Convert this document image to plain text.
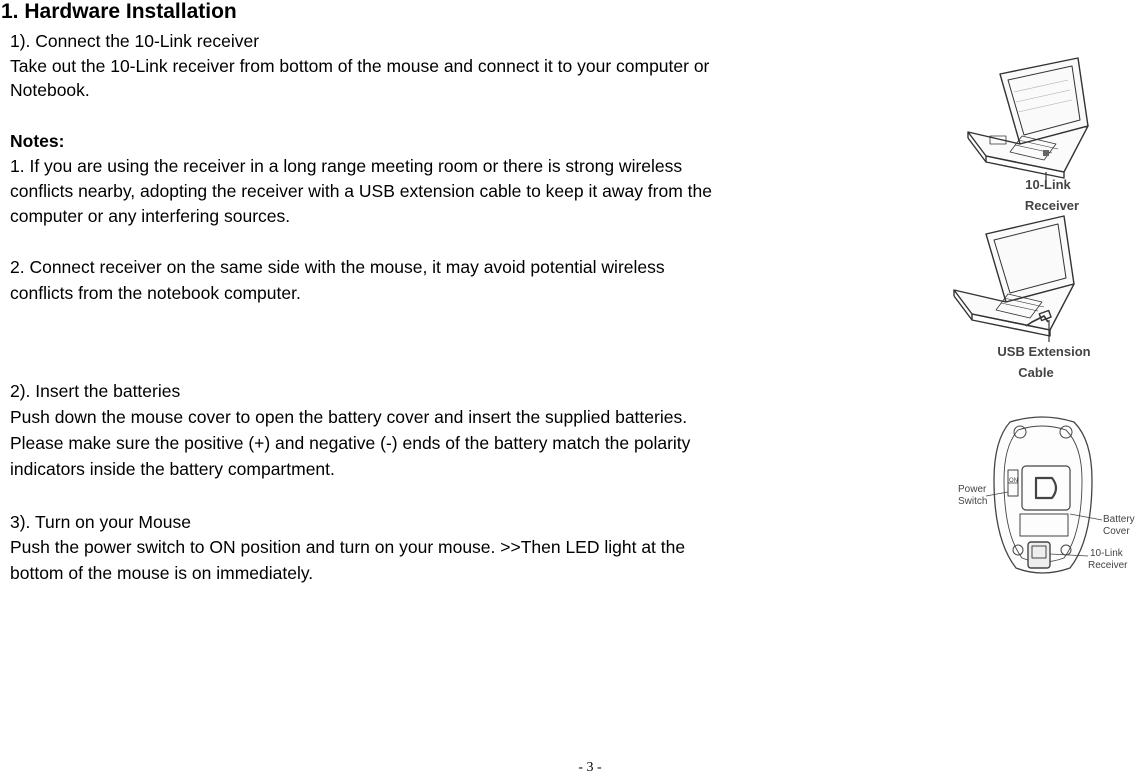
1. Hardware Installation
1). Connect the 10-Link receiver
Take out the 10-Link receiver from bottom of the mouse and connect it to your computer or
Notebook.
Notes:
1. If you are using the receiver in a long range meeting room or there is strong wireless
conflicts nearby, adopting the receiver with a USB extension cable to keep it away from the
computer or any interfering sources.
2. Connect receiver on the same side with the mouse, it may avoid potential wireless
conflicts from the notebook computer.
2). Insert the batteries
Push down the mouse cover to open the battery cover and insert the supplied batteries.
Please make sure the positive (+) and negative (-) ends of the battery match the polarity
indicators inside the battery compartment.
3). Turn on your Mouse
Push the power switch to ON position and turn on your mouse. >>Then LED light at the
bottom of the mouse is on immediately.
10-Link
Receiver
USB Extension
Cable
ON
Power
Switch
Battery
Cover
10-Link
Receiver
- 3 -
